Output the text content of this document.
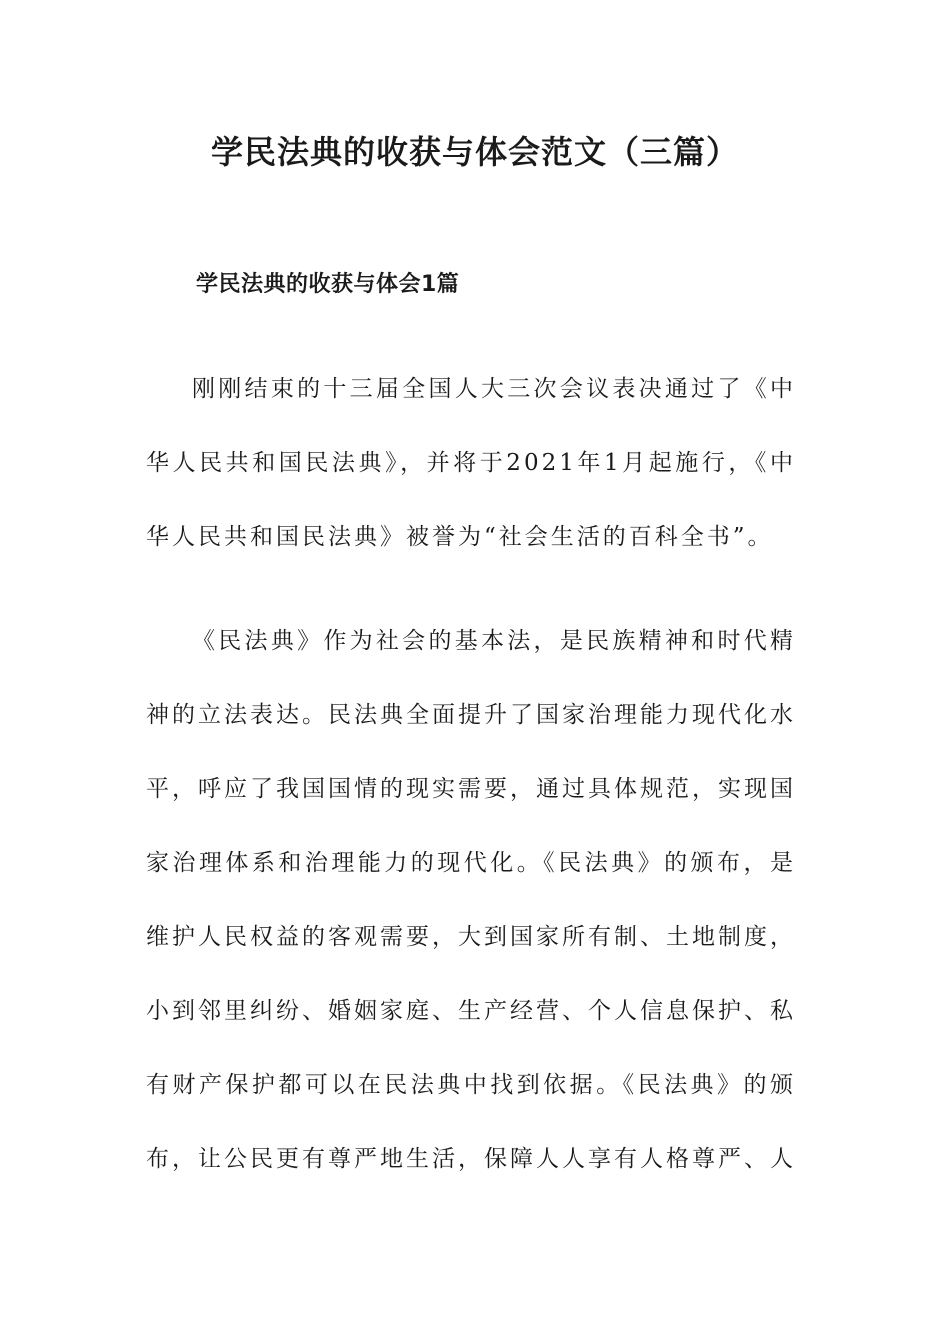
学民法典的收获与体会范文（三篇）
学民法典的收获与体会1篇

刚刚结束的十三届全国人大三次会议表决通过了《中华人民共和国民法典》，并将于2021年1月起施行，《中华人民共和国民法典》被誉为“社会生活的百科全书”。

《民法典》作为社会的基本法，是民族精神和时代精神的立法表达。民法典全面提升了国家治理能力现代化水平，呼应了我国国情的现实需要，通过具体规范，实现国家治理体系和治理能力的现代化。《民法典》的颁布，是维护人民权益的客观需要，大到国家所有制、土地制度，小到邻里纠纷、婚姻家庭、生产经营、个人信息保护、私有财产保护都可以在民法典中找到依据。《民法典》的颁布，让公民更有尊严地生活，保障人人享有人格尊严、人
